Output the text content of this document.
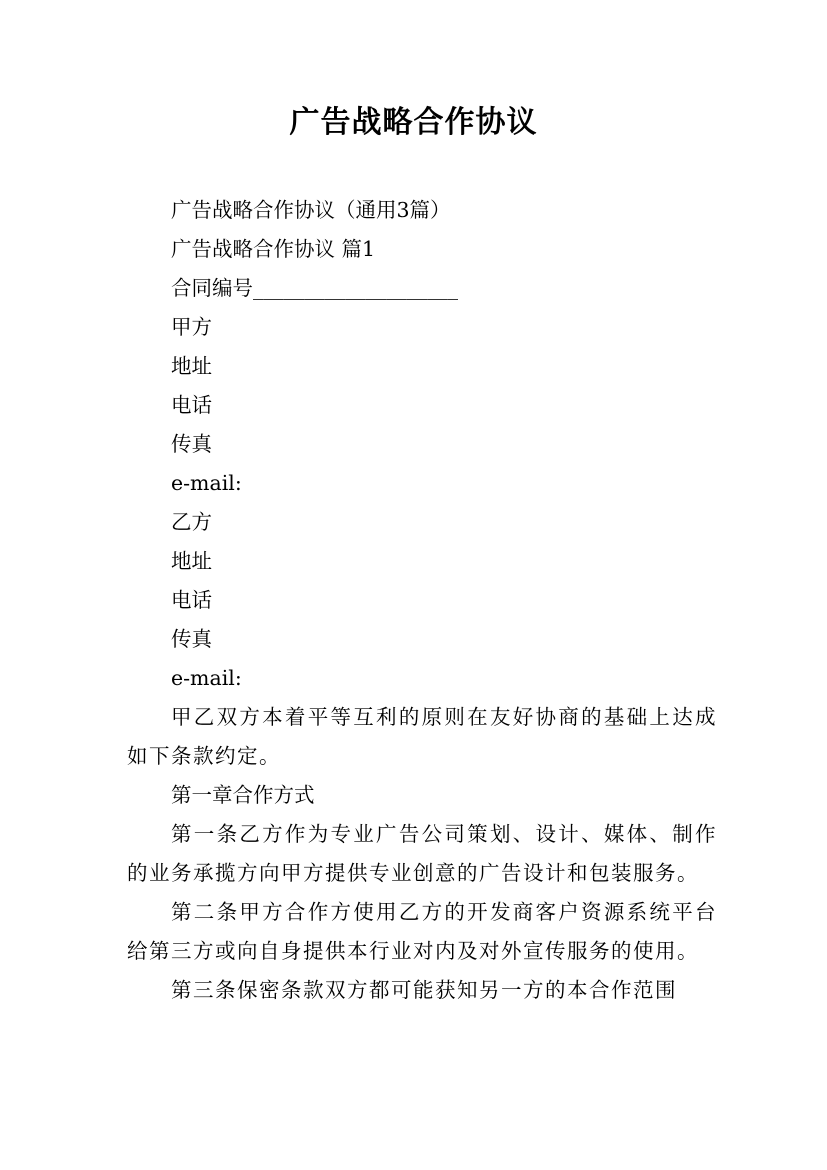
广告战略合作协议

广告战略合作协议（通用3篇）

广告战略合作协议 篇1

合同编号____________________

甲方

地址

电话

传真

e-mail:

乙方

地址

电话

传真

e-mail:

甲乙双方本着平等互利的原则在友好协商的基础上达成如下条款约定。

第一章合作方式

第一条乙方作为专业广告公司策划、设计、媒体、制作的业务承揽方向甲方提供专业创意的广告设计和包装服务。

第二条甲方合作方使用乙方的开发商客户资源系统平台给第三方或向自身提供本行业对内及对外宣传服务的使用。

第三条保密条款双方都可能获知另一方的本合作范围
